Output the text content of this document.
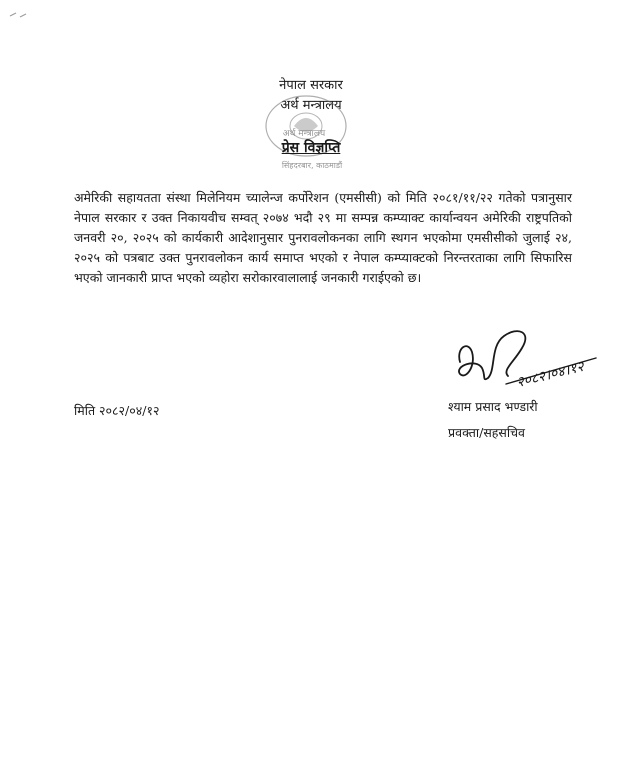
नेपाल सरकार
अर्थ मन्त्रालय
अर्थ मन्त्रालय
सिंहदरबार, काठमाडौं
प्रेस विज्ञप्ति

अमेरिकी सहायतता संस्था मिलेनियम च्यालेन्ज कर्पोरेशन (एमसीसी) को मिति २०८१/११/२२ गतेको पत्रानुसार नेपाल सरकार र उक्त निकायवीच सम्वत् २०७४ भदौ २९ मा सम्पन्न कम्प्याक्ट कार्यान्वयन अमेरिकी राष्ट्रपतिको जनवरी २०, २०२५ को कार्यकारी आदेशानुसार पुनरावलोकनका लागि स्थगन भएकोमा एमसीसीको जुलाई २४, २०२५ को पत्रबाट उक्त पुनरावलोकन कार्य समाप्त भएको र नेपाल कम्प्याक्टको निरन्तरताका लागि सिफारिस भएको जानकारी प्राप्त भएको व्यहोरा सरोकारवालालाई जनकारी गराईएको छ।

मिति २०८२/०४/१२
२०८२।०४।१२
श्याम प्रसाद भण्डारी
प्रवक्ता/सहसचिव
